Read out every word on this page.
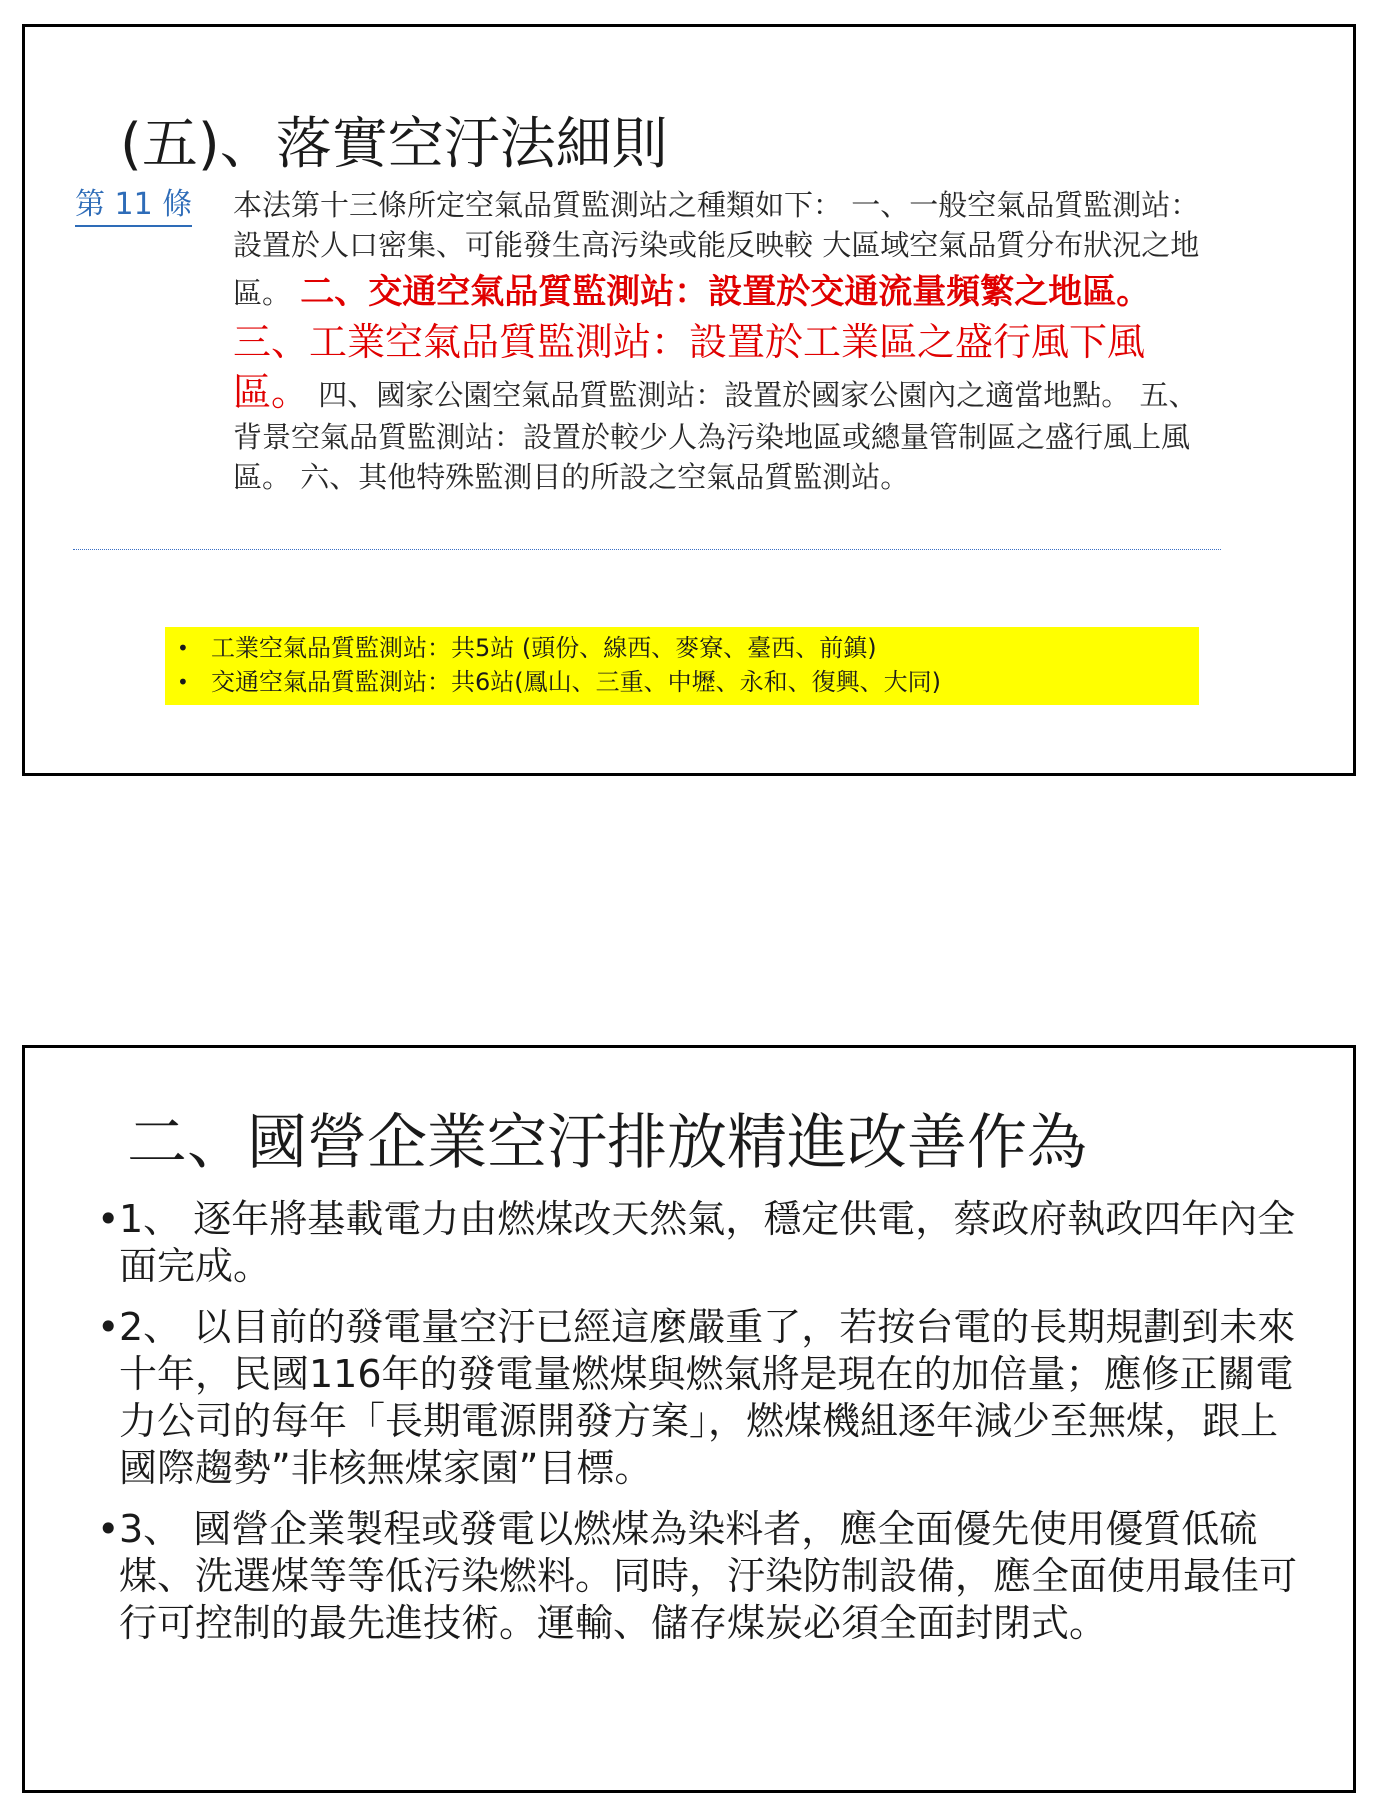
(五)、落實空汙法細則
第 11 條 本法第十三條所定空氣品質監測站之種類如下： 一、一般空氣品質監測站：設置於人口密集、可能發生高污染或能反映較 大區域空氣品質分布狀況之地區。 二、交通空氣品質監測站：設置於交通流量頻繁之地區。 三、工業空氣品質監測站：設置於工業區之盛行風下風區。 四、國家公園空氣品質監測站：設置於國家公園內之適當地點。 五、背景空氣品質監測站：設置於較少人為污染地區或總量管制區之盛行風上風區。 六、其他特殊監測目的所設之空氣品質監測站。
• 工業空氣品質監測站：共5站 (頭份、線西、麥寮、臺西、前鎮)
• 交通空氣品質監測站：共6站(鳳山、三重、中壢、永和、復興、大同)
二、國營企業空汙排放精進改善作為
• 1、 逐年將基載電力由燃煤改天然氣，穩定供電，蔡政府執政四年內全面完成。
• 2、 以目前的發電量空汙已經這麼嚴重了，若按台電的長期規劃到未來十年，民國116年的發電量燃煤與燃氣將是現在的加倍量；應修正關電力公司的每年「長期電源開發方案」，燃煤機組逐年減少至無煤，跟上國際趨勢”非核無煤家園”目標。
• 3、 國營企業製程或發電以燃煤為染料者，應全面優先使用優質低硫煤、洗選煤等等低污染燃料。同時，汙染防制設備，應全面使用最佳可行可控制的最先進技術。運輸、儲存煤炭必須全面封閉式。
